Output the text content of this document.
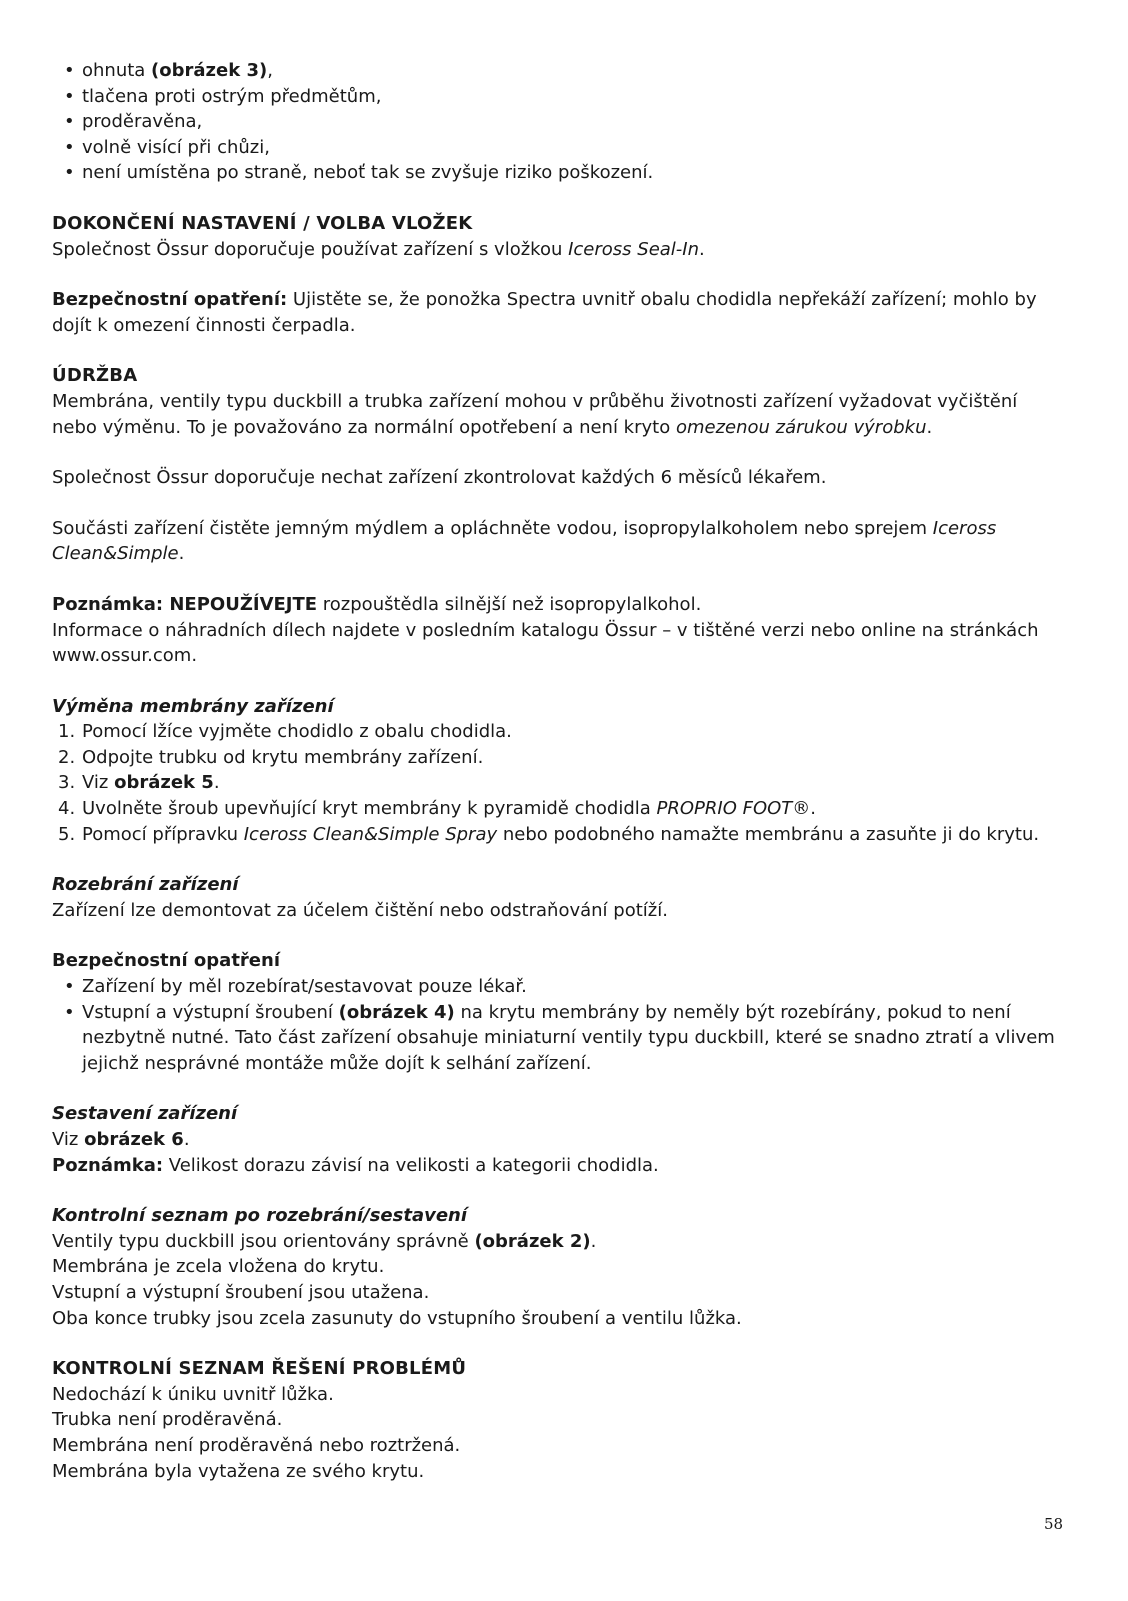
• ohnuta (obrázek 3),
• tlačena proti ostrým předmětům,
• proděravěna,
• volně visící při chůzi,
• není umístěna po straně, neboť tak se zvyšuje riziko poškození.

DOKONČENÍ NASTAVENÍ / VOLBA VLOŽEK

Společnost Össur doporučuje používat zařízení s vložkou Iceross Seal-In.

Bezpečnostní opatření: Ujistěte se, že ponožka Spectra uvnitř obalu chodidla nepřekáží zařízení; mohlo by dojít k omezení činnosti čerpadla.

ÚDRŽBA

Membrána, ventily typu duckbill a trubka zařízení mohou v průběhu životnosti zařízení vyžadovat vyčištění nebo výměnu. To je považováno za normální opotřebení a není kryto omezenou zárukou výrobku.

Společnost Össur doporučuje nechat zařízení zkontrolovat každých 6 měsíců lékařem.

Součásti zařízení čistěte jemným mýdlem a opláchněte vodou, isopropylalkoholem nebo sprejem Iceross Clean&Simple.

Poznámka: NEPOUŽÍVEJTE rozpouštědla silnější než isopropylalkohol.

Informace o náhradních dílech najdete v posledním katalogu Össur – v tištěné verzi nebo online na stránkách www.ossur.com.

Výměna membrány zařízení

1. Pomocí lžíce vyjměte chodidlo z obalu chodidla.
2. Odpojte trubku od krytu membrány zařízení.
3. Viz obrázek 5.
4. Uvolněte šroub upevňující kryt membrány k pyramidě chodidla PROPRIO FOOT®.
5. Pomocí přípravku Iceross Clean&Simple Spray nebo podobného namažte membránu a zasuňte ji do krytu.

Rozebrání zařízení

Zařízení lze demontovat za účelem čištění nebo odstraňování potíží.

Bezpečnostní opatření

• Zařízení by měl rozebírat/sestavovat pouze lékař.
• Vstupní a výstupní šroubení (obrázek 4) na krytu membrány by neměly být rozebírány, pokud to není nezbytně nutné. Tato část zařízení obsahuje miniaturní ventily typu duckbill, které se snadno ztratí a vlivem jejichž nesprávné montáže může dojít k selhání zařízení.

Sestavení zařízení

Viz obrázek 6.

Poznámka: Velikost dorazu závisí na velikosti a kategorii chodidla.

Kontrolní seznam po rozebrání/sestavení

Ventily typu duckbill jsou orientovány správně (obrázek 2).

Membrána je zcela vložena do krytu.

Vstupní a výstupní šroubení jsou utažena.

Oba konce trubky jsou zcela zasunuty do vstupního šroubení a ventilu lůžka.

KONTROLNÍ SEZNAM ŘEŠENÍ PROBLÉMŮ

Nedochází k úniku uvnitř lůžka.

Trubka není proděravěná.

Membrána není proděravěná nebo roztržená.

Membrána byla vytažena ze svého krytu.

58
